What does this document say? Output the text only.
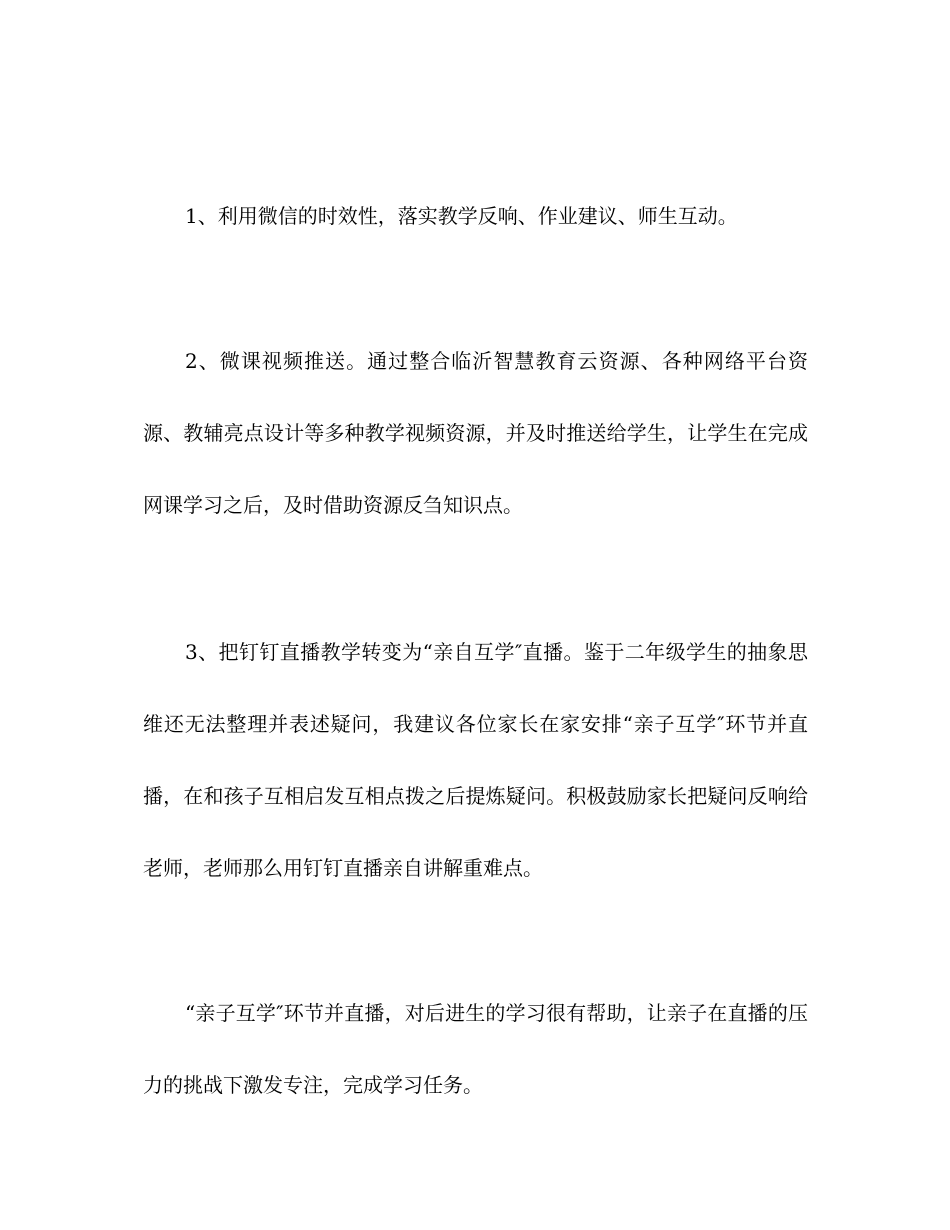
1、利用微信的时效性，落实教学反响、作业建议、师生互动。

2、微课视频推送。通过整合临沂智慧教育云资源、各种网络平台资源、教辅亮点设计等多种教学视频资源，并及时推送给学生，让学生在完成网课学习之后，及时借助资源反刍知识点。

3、把钉钉直播教学转变为“亲自互学″直播。鉴于二年级学生的抽象思维还无法整理并表述疑问，我建议各位家长在家安排“亲子互学″环节并直播，在和孩子互相启发互相点拨之后提炼疑问。积极鼓励家长把疑问反响给老师，老师那么用钉钉直播亲自讲解重难点。

“亲子互学″环节并直播，对后进生的学习很有帮助，让亲子在直播的压力的挑战下激发专注，完成学习任务。
